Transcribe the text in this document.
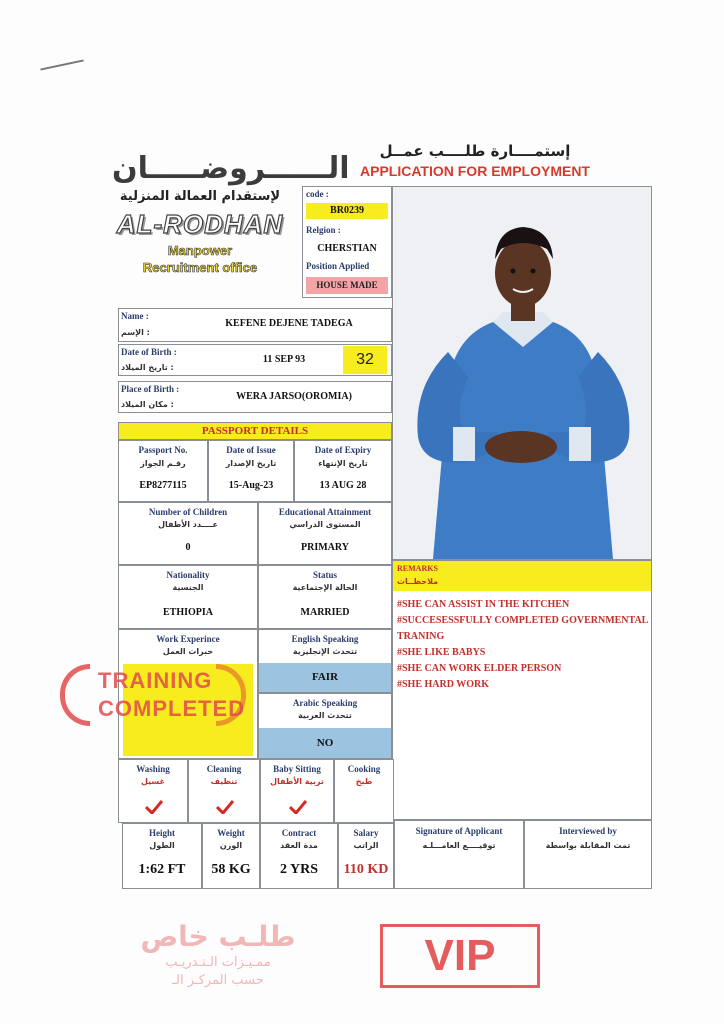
الــــــروضـــــان
لإستقدام العمالة المنزلية
AL-RODHAN
Manpower
Recruitment office
إستمــــارة طلــــب عمــل
APPLICATION FOR EMPLOYMENT
code :
BR0239
Relgion :
CHERSTIAN
Position Applied
HOUSE MADE
Name :
الإسم :
KEFENE DEJENE TADEGA
Date of Birth :
تاريخ الميلاد :
11 SEP 93	32
Place of Birth :
مكان الميلاد :
WERA JARSO(OROMIA)
PASSPORT DETAILS
Passport No.
رقـم الجواز
EP8277115
Date of Issue
تاريخ الإصدار
15-Aug-23
Date of Expiry
تاريخ الإنتهاء
13 AUG 28
Number of Children
عــــدد الأطفال
0
Educational Attainment
المستوى الدراسي
PRIMARY
Nationality
الجنسية
ETHIOPIA
Status
الحالة الإجتماعية
MARRIED
Work Experince
خبرات العمل
English Speaking
تتحدث الإنجليزية
FAIR
Arabic Speaking
تتحدث العربية
NO
REMARKS
ملاحظــات
#SHE CAN ASSIST IN THE KITCHEN
#SUCCESESSFULLY COMPLETED GOVERNMENTAL
TRANING
#SHE LIKE BABYS
#SHE CAN WORK ELDER PERSON
#SHE HARD WORK
Washing
غسيل
Cleaning
تنظيف
Baby Sitting
تربية الأطفال
Cooking
طبخ
Height
الطول
1:62 FT
Weight
الوزن
58 KG
Contract
مدة العقد
2 YRS
Salary
الراتب
110 KD
Signature of Applicant
توقيــــع العامـــلـه
Interviewed by
تمت المقابلة بواسطة
TRAINING
COMPLETED
طلـب خاص
ممـيـزات الـتـدريـب
حسب المركـز الـ
VIP
